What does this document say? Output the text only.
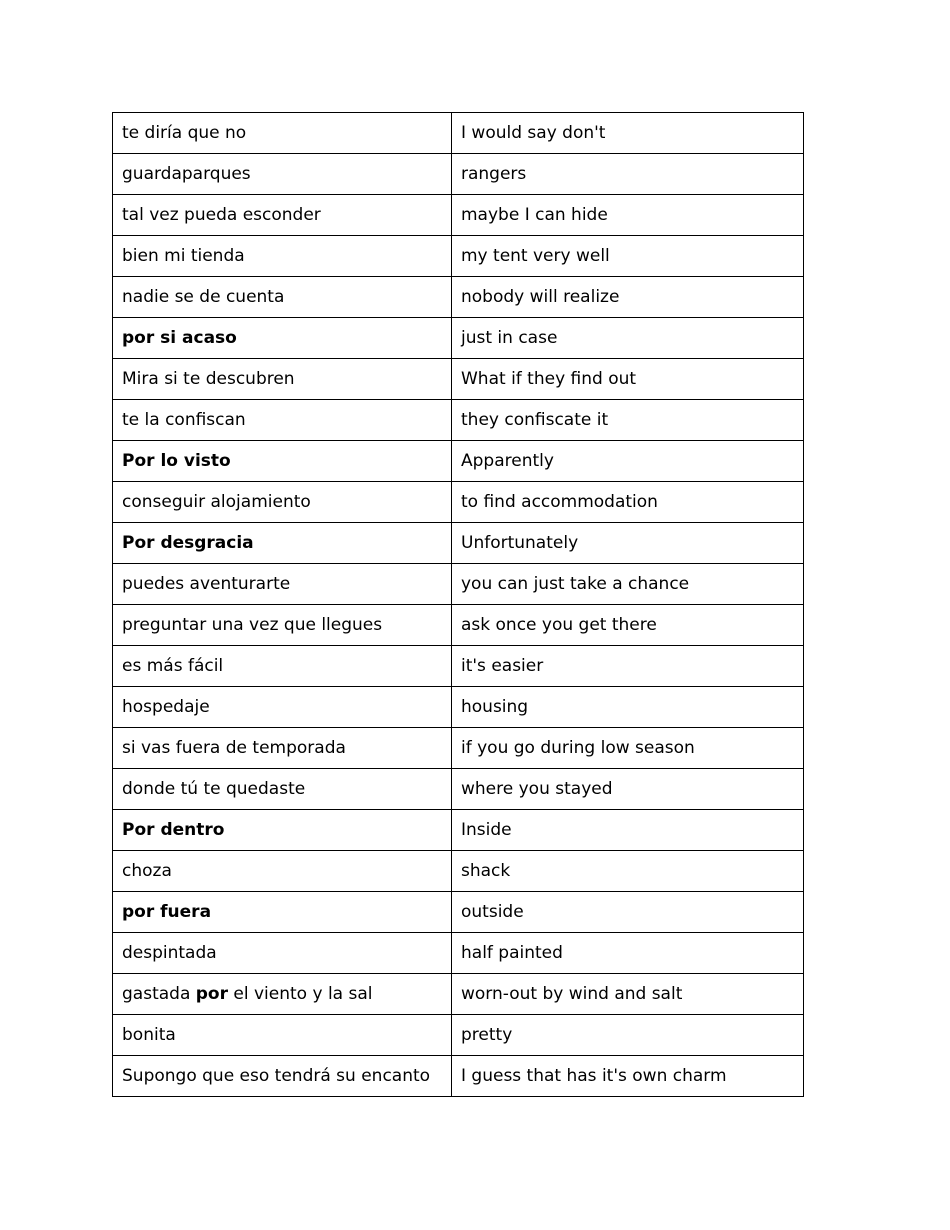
te diría que no	I would say don't
guardaparques	rangers
tal vez pueda esconder	maybe I can hide
bien mi tienda	my tent very well
nadie se de cuenta	nobody will realize
por si acaso	just in case
Mira si te descubren	What if they find out
te la confiscan	they confiscate it
Por lo visto	Apparently
conseguir alojamiento	to find accommodation
Por desgracia	Unfortunately
puedes aventurarte	you can just take a chance
preguntar una vez que llegues	ask once you get there
es más fácil	it's easier
hospedaje	housing
si vas fuera de temporada	if you go during low season
donde tú te quedaste	where you stayed
Por dentro	Inside
choza	shack
por fuera	outside
despintada	half painted
gastada por el viento y la sal	worn-out by wind and salt
bonita	pretty
Supongo que eso tendrá su encanto	I guess that has it's own charm
